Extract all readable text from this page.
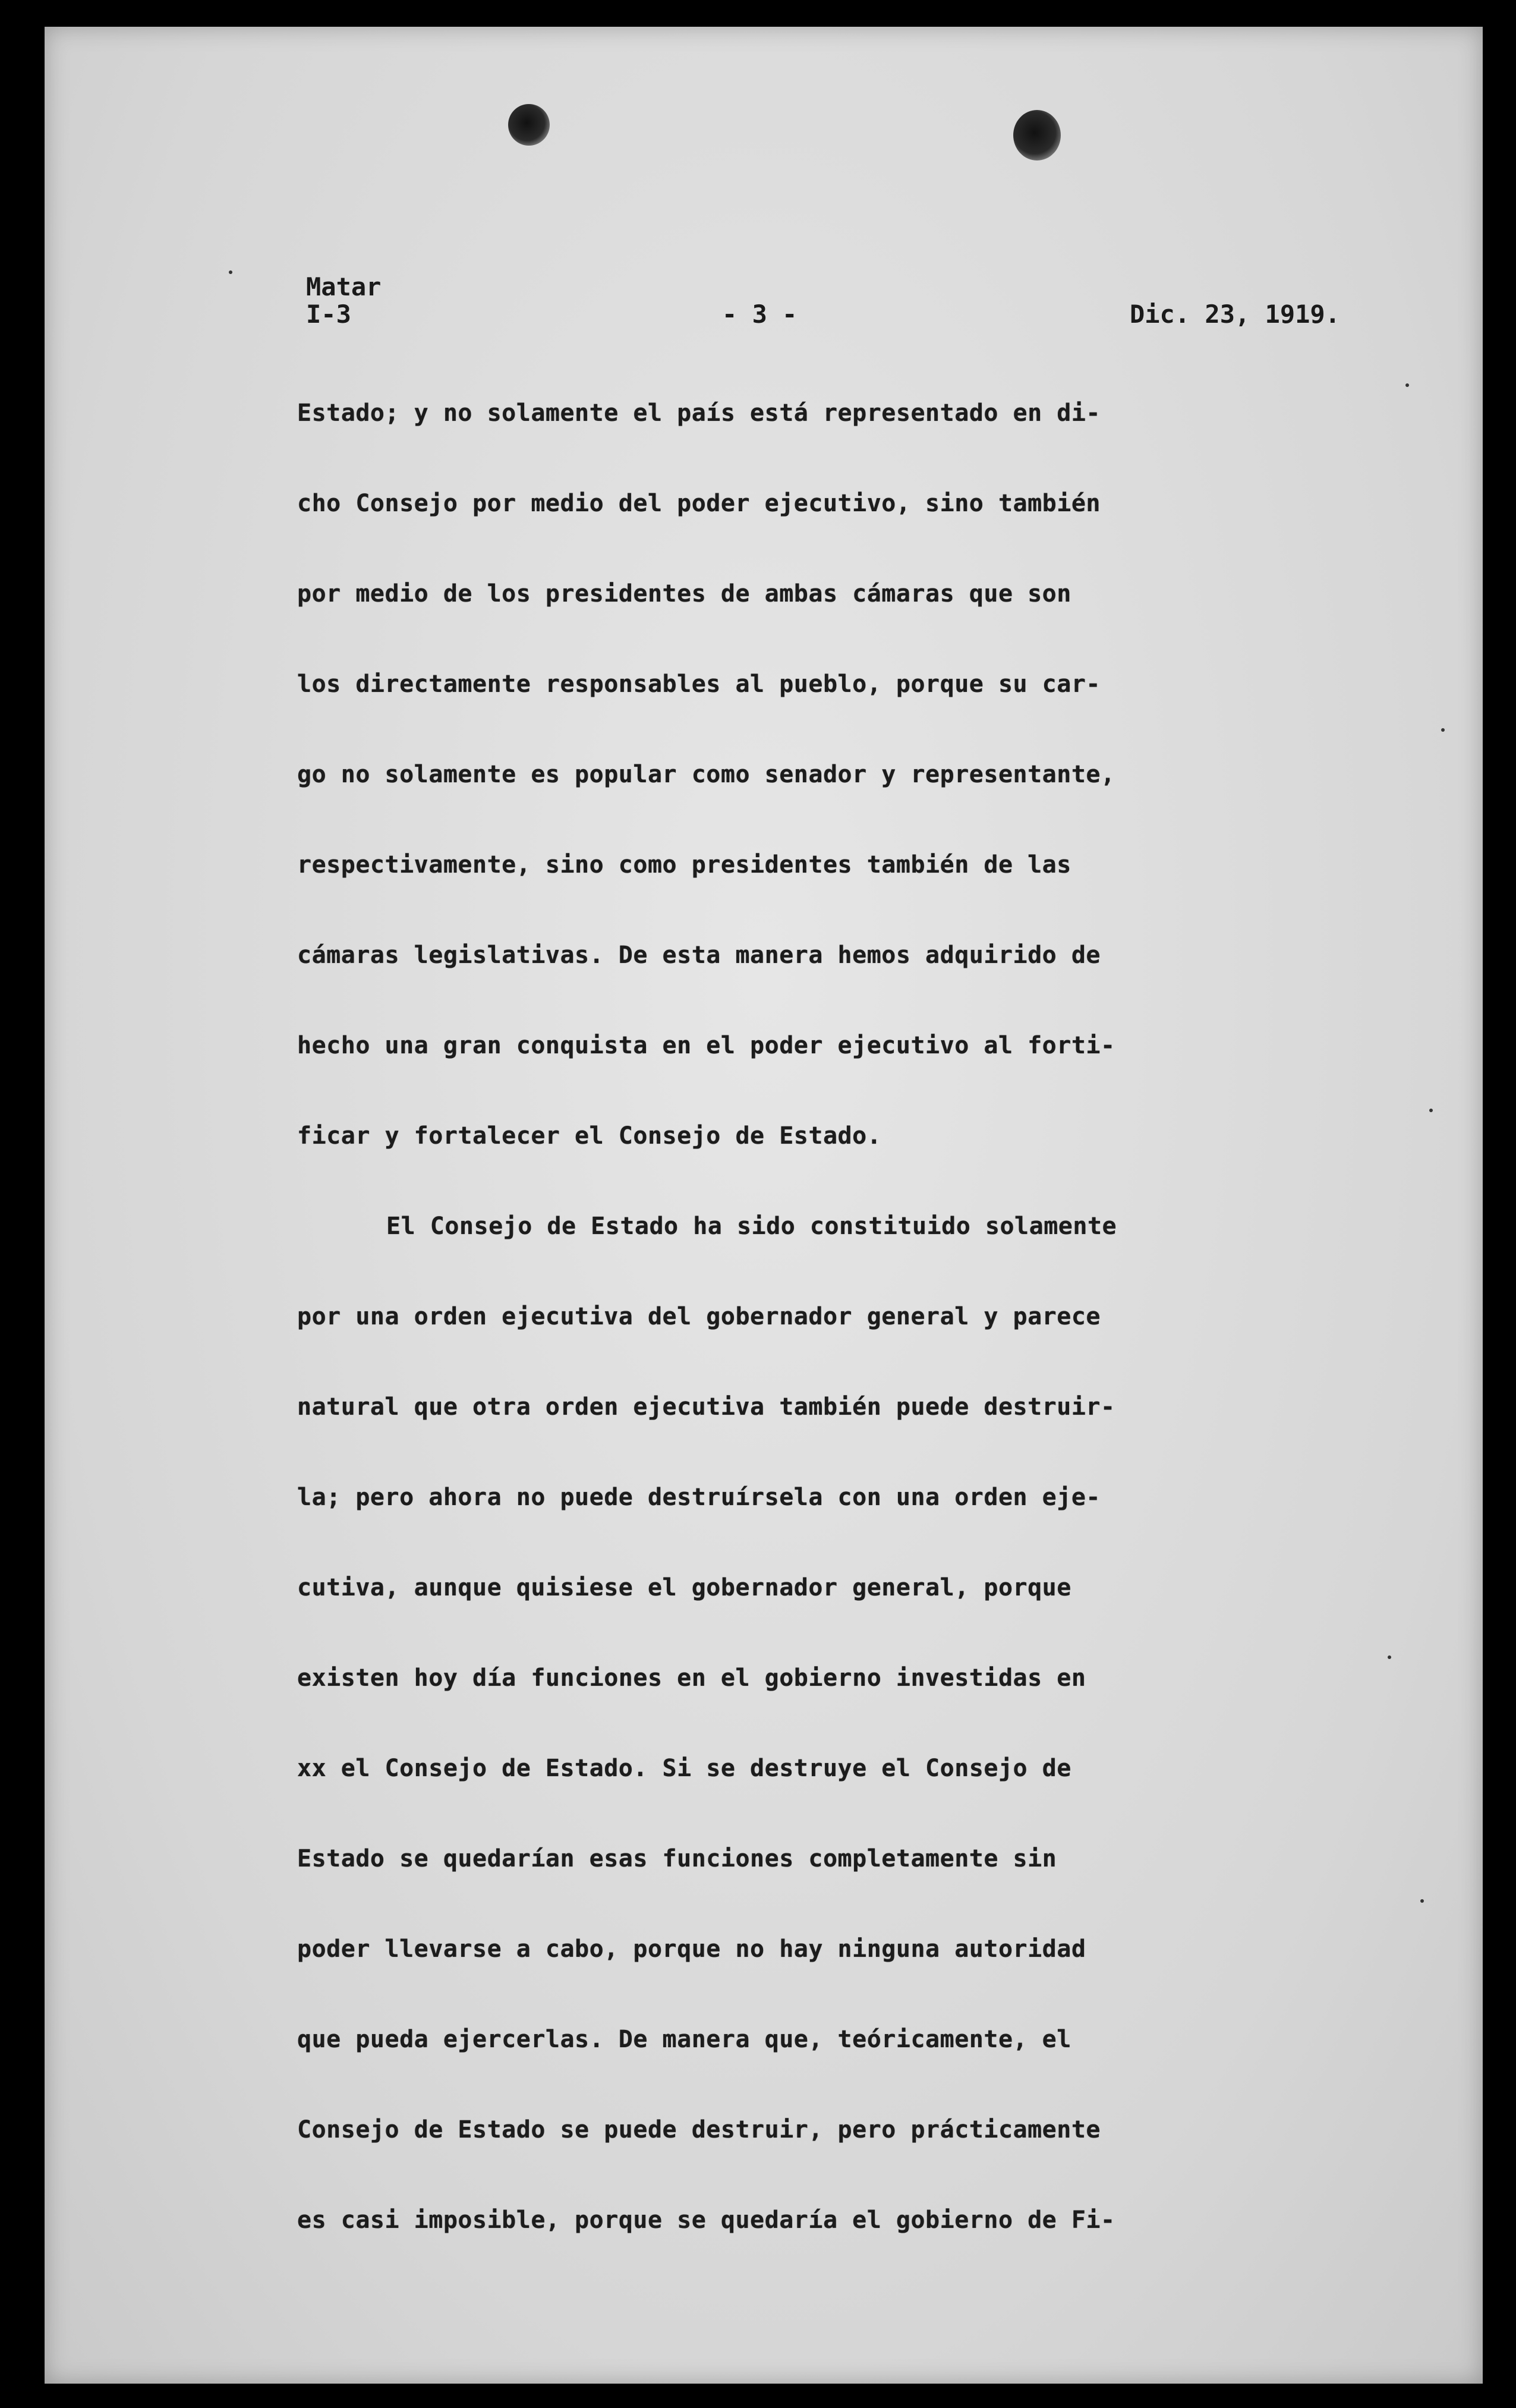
Matar
I-3	- 3 -	Dic. 23, 1919.
Estado; y no solamente el país está representado en di-
cho Consejo por medio del poder ejecutivo, sino también
por medio de los presidentes de ambas cámaras que son
los directamente responsables al pueblo, porque su car-
go no solamente es popular como senador y representante,
respectivamente, sino como presidentes también de las
cámaras legislativas. De esta manera hemos adquirido de
hecho una gran conquista en el poder ejecutivo al forti-
ficar y fortalecer el Consejo de Estado.
El Consejo de Estado ha sido constituido solamente
por una orden ejecutiva del gobernador general y parece
natural que otra orden ejecutiva también puede destruir-
la; pero ahora no puede destruírsela con una orden eje-
cutiva, aunque quisiese el gobernador general, porque
existen hoy día funciones en el gobierno investidas en
xx el Consejo de Estado. Si se destruye el Consejo de
Estado se quedarían esas funciones completamente sin
poder llevarse a cabo, porque no hay ninguna autoridad
que pueda ejercerlas. De manera que, teóricamente, el
Consejo de Estado se puede destruir, pero prácticamente
es casi imposible, porque se quedaría el gobierno de Fi-
